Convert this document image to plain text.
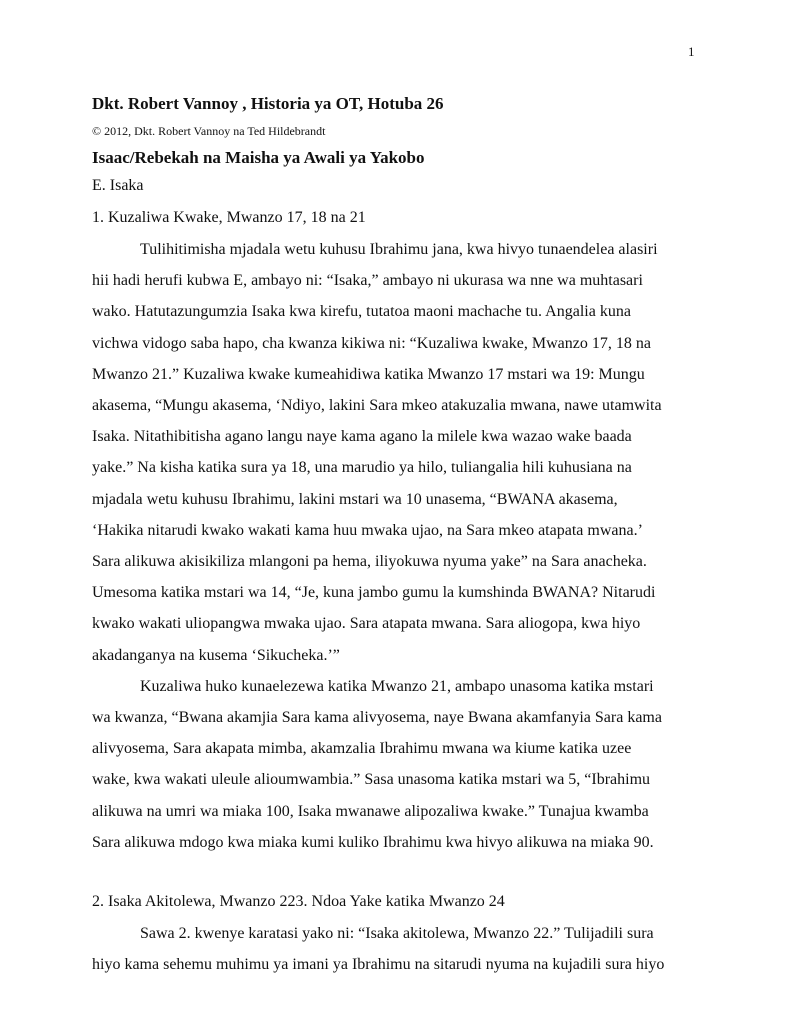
1

Dkt. Robert Vannoy , Historia ya OT, Hotuba 26

© 2012, Dkt. Robert Vannoy na Ted Hildebrandt

Isaac/Rebekah na Maisha ya Awali ya Yakobo

E. Isaka

1. Kuzaliwa Kwake, Mwanzo 17, 18 na 21

Tulihitimisha mjadala wetu kuhusu Ibrahimu jana, kwa hivyo tunaendelea alasiri
hii hadi herufi kubwa E, ambayo ni: “Isaka,” ambayo ni ukurasa wa nne wa muhtasari
wako. Hatutazungumzia Isaka kwa kirefu, tutatoa maoni machache tu. Angalia kuna
vichwa vidogo saba hapo, cha kwanza kikiwa ni: “Kuzaliwa kwake, Mwanzo 17, 18 na
Mwanzo 21.” Kuzaliwa kwake kumeahidiwa katika Mwanzo 17 mstari wa 19: Mungu
akasema, “Mungu akasema, ‘Ndiyo, lakini Sara mkeo atakuzalia mwana, nawe utamwita
Isaka. Nitathibitisha agano langu naye kama agano la milele kwa wazao wake baada
yake.” Na kisha katika sura ya 18, una marudio ya hilo, tuliangalia hili kuhusiana na
mjadala wetu kuhusu Ibrahimu, lakini mstari wa 10 unasema, “BWANA akasema,
‘Hakika nitarudi kwako wakati kama huu mwaka ujao, na Sara mkeo atapata mwana.’
Sara alikuwa akisikiliza mlangoni pa hema, iliyokuwa nyuma yake” na Sara anacheka.
Umesoma katika mstari wa 14, “Je, kuna jambo gumu la kumshinda BWANA? Nitarudi
kwako wakati uliopangwa mwaka ujao. Sara atapata mwana. Sara aliogopa, kwa hiyo
akadanganya na kusema ‘Sikucheka.’”

Kuzaliwa huko kunaelezewa katika Mwanzo 21, ambapo unasoma katika mstari
wa kwanza, “Bwana akamjia Sara kama alivyosema, naye Bwana akamfanyia Sara kama
alivyosema, Sara akapata mimba, akamzalia Ibrahimu mwana wa kiume katika uzee
wake, kwa wakati uleule alioumwambia.” Sasa unasoma katika mstari wa 5, “Ibrahimu
alikuwa na umri wa miaka 100, Isaka mwanawe alipozaliwa kwake.” Tunajua kwamba
Sara alikuwa mdogo kwa miaka kumi kuliko Ibrahimu kwa hivyo alikuwa na miaka 90.

2. Isaka Akitolewa, Mwanzo 223. Ndoa Yake katika Mwanzo 24

Sawa 2. kwenye karatasi yako ni: “Isaka akitolewa, Mwanzo 22.” Tulijadili sura
hiyo kama sehemu muhimu ya imani ya Ibrahimu na sitarudi nyuma na kujadili sura hiyo
